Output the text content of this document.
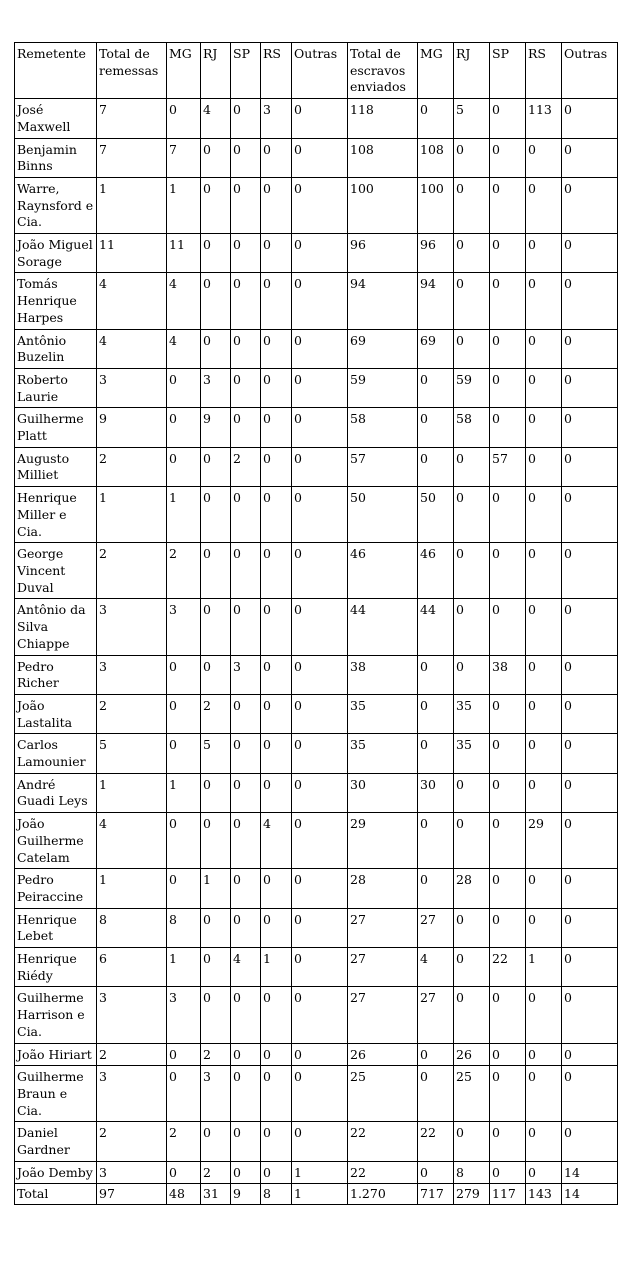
Remetente	Total de remessas	MG	RJ	SP	RS	Outras	Total de escravos enviados	MG	RJ	SP	RS	Outras
José Maxwell	7	0	4	0	3	0	118	0	5	0	113	0
Benjamin Binns	7	7	0	0	0	0	108	108	0	0	0	0
Warre, Raynsford e Cia.	1	1	0	0	0	0	100	100	0	0	0	0
João Miguel Sorage	11	11	0	0	0	0	96	96	0	0	0	0
Tomás Henrique Harpes	4	4	0	0	0	0	94	94	0	0	0	0
Antônio Buzelin	4	4	0	0	0	0	69	69	0	0	0	0
Roberto Laurie	3	0	3	0	0	0	59	0	59	0	0	0
Guilherme Platt	9	0	9	0	0	0	58	0	58	0	0	0
Augusto Milliet	2	0	0	2	0	0	57	0	0	57	0	0
Henrique Miller e Cia.	1	1	0	0	0	0	50	50	0	0	0	0
George Vincent Duval	2	2	0	0	0	0	46	46	0	0	0	0
Antônio da Silva Chiappe	3	3	0	0	0	0	44	44	0	0	0	0
Pedro Richer	3	0	0	3	0	0	38	0	0	38	0	0
João Lastalita	2	0	2	0	0	0	35	0	35	0	0	0
Carlos Lamounier	5	0	5	0	0	0	35	0	35	0	0	0
André Guadi Leys	1	1	0	0	0	0	30	30	0	0	0	0
João Guilherme Catelam	4	0	0	0	4	0	29	0	0	0	29	0
Pedro Peiraccine	1	0	1	0	0	0	28	0	28	0	0	0
Henrique Lebet	8	8	0	0	0	0	27	27	0	0	0	0
Henrique Riédy	6	1	0	4	1	0	27	4	0	22	1	0
Guilherme Harrison e Cia.	3	3	0	0	0	0	27	27	0	0	0	0
João Hiriart	2	0	2	0	0	0	26	0	26	0	0	0
Guilherme Braun e Cia.	3	0	3	0	0	0	25	0	25	0	0	0
Daniel Gardner	2	2	0	0	0	0	22	22	0	0	0	0
João Demby	3	0	2	0	0	1	22	0	8	0	0	14
Total	97	48	31	9	8	1	1.270	717	279	117	143	14
